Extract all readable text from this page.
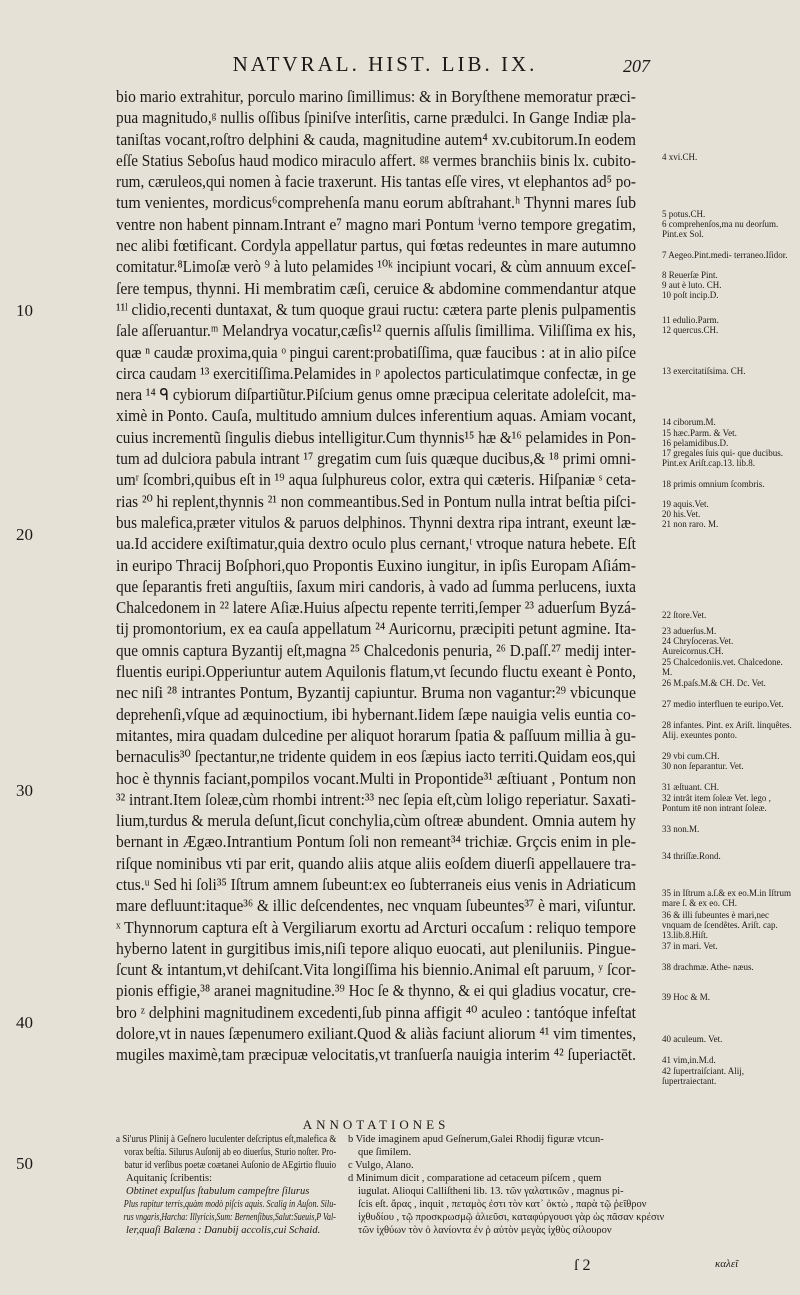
NATVRAL. HIST. LIB. IX.	207
bio mario extrahitur, porculo marino ſimillimus: & in Boryſthene memoratur præci-
pua magnitudo,ᵍ nullis oſſibus ſpiniſve interſitis, carne prædulci. In Gange Indiæ pla-
taniſtas vocant,roſtro delphini & cauda, magnitudine autem⁴ xv.cubitorum.In eodem
eſſe Statius Seboſus haud modico miraculo affert. ᵍᵍ vermes branchiis binis lx. cubito-
rum, cæruleos,qui nomen à facie traxerunt. His tantas eſſe vires, vt elephantos ad⁵ po-
tum venientes, mordicus⁶comprehenſa manu eorum abſtrahant.ʰ Thynni mares ſub
ventre non habent pinnam.Intrant e⁷ magno mari Pontum ⁱverno tempore gregatim,
nec alibi fœtificant. Cordyla appellatur partus, qui fœtas redeuntes in mare autumno
comitatur.⁸Limoſæ verò ⁹ à luto pelamides ¹⁰ᵏ incipiunt vocari, & cùm annuum exceſ-
ſere tempus, thynni. Hi membratim cæſi, ceruice & abdomine commendantur atque
¹¹ˡ clidio,recenti duntaxat, & tum quoque graui ructu: cætera parte plenis pulpamentis
ſale aſſeruantur.ᵐ Melandrya vocatur,cæſis¹² quernis aſſulis ſimillima. Viliſſima ex his,
quæ ⁿ caudæ proxima,quia ᵒ pingui carent:probatiſſima, quæ faucibus : at in alio piſce
circa caudam ¹³ exercitiſſima.Pelamides in ᵖ apolectos particulatimque confectæ, in ge
nera ¹⁴ ᑫ cybiorum diſpartiũtur.Piſcium genus omne præcipua celeritate adoleſcit, ma-
ximè in Ponto. Cauſa, multitudo amnium dulces inferentium aquas. Amiam vocant,
cuius incrementũ ſingulis diebus intelligitur.Cum thynnis¹⁵ hæ &¹⁶ pelamides in Pon-
tum ad dulciora pabula intrant ¹⁷ gregatim cum ſuis quæque ducibus,& ¹⁸ primi omni-
umʳ ſcombri,quibus eſt in ¹⁹ aqua ſulphureus color, extra qui cæteris. Hiſpaniæ ˢ ceta-
rias ²⁰ hi replent,thynnis ²¹ non commeantibus.Sed in Pontum nulla intrat beſtia piſci-
bus malefica,præter vitulos & paruos delphinos. Thynni dextra ripa intrant, exeunt læ-
ua.Id accidere exiſtimatur,quia dextro oculo plus cernant,ᵗ vtroque natura hebete. Eſt
in euripo Thracij Boſphori,quo Propontis Euxino iungitur, in ipſis Europam Aſiám-
que ſeparantis freti anguſtiis, ſaxum miri candoris, à vado ad ſumma perlucens, iuxta
Chalcedonem in ²² latere Aſiæ.Huius aſpectu repente territi,ſemper ²³ aduerſum Byzá-
tij promontorium, ex ea cauſa appellatum ²⁴ Auricornu, præcipiti petunt agmine. Ita-
que omnis captura Byzantij eſt,magna ²⁵ Chalcedonis penuria, ²⁶ D.paſſ.²⁷ medij inter-
fluentis euripi.Opperiuntur autem Aquilonis flatum,vt ſecundo fluctu exeant è Ponto,
nec niſi ²⁸ intrantes Pontum, Byzantij capiuntur. Bruma non vagantur:²⁹ vbicunque
deprehenſi,vſque ad æquinoctium, ibi hybernant.Iidem ſæpe nauigia velis euntia co-
mitantes, mira quadam dulcedine per aliquot horarum ſpatia & paſſuum millia à gu-
bernaculis³⁰ ſpectantur,ne tridente quidem in eos ſæpius iacto territi.Quidam eos,qui
hoc è thynnis faciant,pompilos vocant.Multi in Propontide³¹ æſtiuant , Pontum non
³² intrant.Item ſoleæ,cùm rhombi intrent:³³ nec ſepia eſt,cùm loligo reperiatur. Saxati-
lium,turdus & merula deſunt,ſicut conchylia,cùm oſtreæ abundent. Omnia autem hy
bernant in Ægæo.Intrantium Pontum ſoli non remeant³⁴ trichiæ. Grçcis enim in ple-
riſque nominibus vti par erit, quando aliis atque aliis eoſdem diuerſi appellauere tra-
ctus.ᵘ Sed hi ſoli³⁵ Iſtrum amnem ſubeunt:ex eo ſubterraneis eius venis in Adriaticum
mare defluunt:itaque³⁶ & illic deſcendentes, nec vnquam ſubeuntes³⁷ è mari, viſuntur.
ˣ Thynnorum captura eſt à Vergiliarum exortu ad Arcturi occaſum : reliquo tempore
hyberno latent in gurgitibus imis,niſi tepore aliquo euocati, aut pleniluniis. Pingue-
ſcunt & intantum,vt dehiſcant.Vita longiſſima his biennio.Animal eſt paruum, ʸ ſcor-
pionis effigie,³⁸ aranei magnitudine.³⁹ Hoc ſe & thynno, & ei qui gladius vocatur, cre-
bro ᶻ delphini magnitudinem excedenti,ſub pinna affigit ⁴⁰ aculeo : tantóque infeſtat
dolore,vt in naues ſæpenumero exiliant.Quod & aliàs faciunt aliorum ⁴¹ vim timentes,
mugiles maximè,tam præcipuæ velocitatis,vt tranſuerſa nauigia interim ⁴² ſuperiactēt.
10
20
30
40
50
4 xvi.CH.
5 potus.CH.
6 comprehenſos,ma nu deorſum. Pint.ex Sol.
7 Aegeo.Pint.medi- terraneo.Iſidor.
8 Reuerſæ Pint.
9 aut è luto. CH.
10 poſt incip.D.
11 edulio.Parm.
12 quercus.CH.
13 exercitatiſsima. CH.
14 ciborum.M.
15 hæc.Parm. & Vet.
16 pelamidibus.D.
17 gregales ſuis qui- que ducibus. Pint.ex Ariſt.cap.13. lib.8.
18 primis omnium ſcombris.
19 aquis.Vet.
20 his.Vet.
21 non raro. M.
22 ſtore.Vet.
23 aduerſus.M.
24 Chryſoceras.Vet. Aureicornus.CH.
25 Chalcedoniis.vet. Chalcedone. M.
26 M.paſs.M.& CH. Dc. Vet.
27 medio interfluen te euripo.Vet.
28 infantes. Pint. ex Ariſt. linquêtes. Alij. exeuntes ponto.
29 vbi cum.CH.
30 non ſeparantur. Vet.
31 æſtuant. CH.
32 intrât item ſoleæ Vet. lego , Pontum itē non intrant ſoleæ.
33 non.M.
34 thriſſæ.Rond.
35 in Iſtrum a.ſ.& ex eo.M.in Iſtrum mare ſ. & ex eo. CH.
36 & illi ſubeuntes è mari,nec vnquam de ſcendẽtes. Ariſt. cap. 13.lib.8.Hiſt.
37 in mari. Vet.
38 drachmæ. Athe- næus.
39 Hoc & M.
40 aculeum. Vet.
41 vim,in.M.d.
42 ſupertraiſciant. Alij, ſupertraiectant.
ANNOTATIONES
a Si'urus Plinij à Geſnero luculenter deſcriptus eſt,malefica &
vorax beſtia. Silurus Auſonij ab eo diuerſus, Sturio noſter. Pro-
batur id verſibus poetæ coætanei Auſonio de AEgirtio fluuio
Aquitaniç ſcribentis:
Obtinet expulſus ſtabulum campeſtre ſilurus
Plus rapitur terris,quàm modò piſcis aquis. Scalig in Auſon. Silu-
rus vngaris,Harcha: Illyricis,Sum: Bernenſibus,Salut:Sueuis,P Val-
ler,quaſi Balæna : Danubij accolis,cui Schaid.
b Vide imaginem apud Geſnerum,Galei Rhodij figuræ vtcun-
que ſimilem.
c Vulgo, Alano.
d Minimum dicit , comparatione ad cetaceum piſcem , quem
iugulat. Alioqui Calliſtheni lib. 13. τῶν γαλατικῶν , magnus pi-
ſcis eſt. ἄρας , inquit , πεταμὸς ἐστι τὸν κατ᾽ ὀκτὼ , παρὰ τῷ ῥεῖθρον
ἰχθυδίου , τῷ προσκρωσμῷ ἀλιεῦσι, καταφύργουσι γὰρ ὡς πᾶσαν κρέσιν
τῶν ἰχθύων τὸν ὁ λανίοντα ἐν ῥ αὐτὸν μεγὰς ἰχθὺς σίλουρον
ſ 2	καλεῖ
